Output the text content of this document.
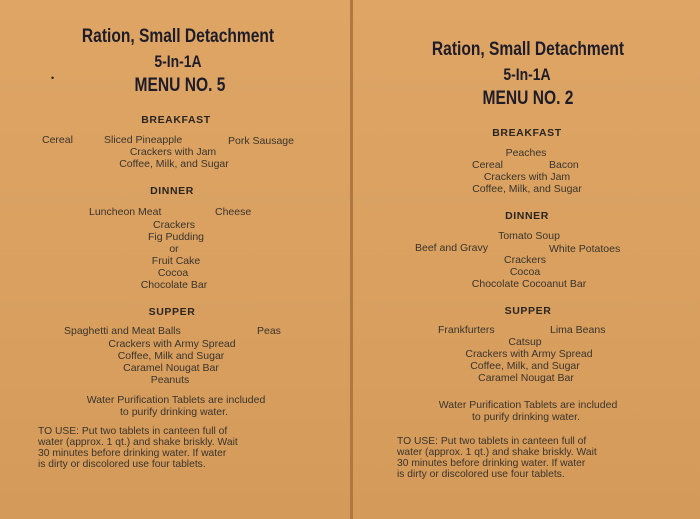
Ration, Small Detachment

5-In-1A

•	MENU NO. 5

BREAKFAST

Cereal	Sliced Pineapple	Pork Sausage

Crackers with Jam

Coffee, Milk, and Sugar

DINNER

Luncheon Meat	Cheese

Crackers

Fig Pudding

or

Fruit Cake

Cocoa

Chocolate Bar

SUPPER

Spaghetti and Meat Balls	Peas

Crackers with Army Spread

Coffee, Milk and Sugar

Caramel Nougat Bar

Peanuts

Water Purification Tablets are included

to purify drinking water.

TO USE: Put two tablets in canteen full of

water (approx. 1 qt.) and shake briskly. Wait

30 minutes before drinking water. If water

is dirty or discolored use four tablets.

Ration, Small Detachment

5-In-1A

MENU NO. 2

BREAKFAST

Peaches

Cereal	Bacon

Crackers with Jam

Coffee, Milk, and Sugar

DINNER

Tomato Soup

Beef and Gravy	White Potatoes

Crackers

Cocoa

Chocolate Cocoanut Bar

SUPPER

Frankfurters	Lima Beans

Catsup

Crackers with Army Spread

Coffee, Milk, and Sugar

Caramel Nougat Bar

Water Purification Tablets are included

to purify drinking water.

TO USE: Put two tablets in canteen full of

water (approx. 1 qt.) and shake briskly. Wait

30 minutes before drinking water. If water

is dirty or discolored use four tablets.
